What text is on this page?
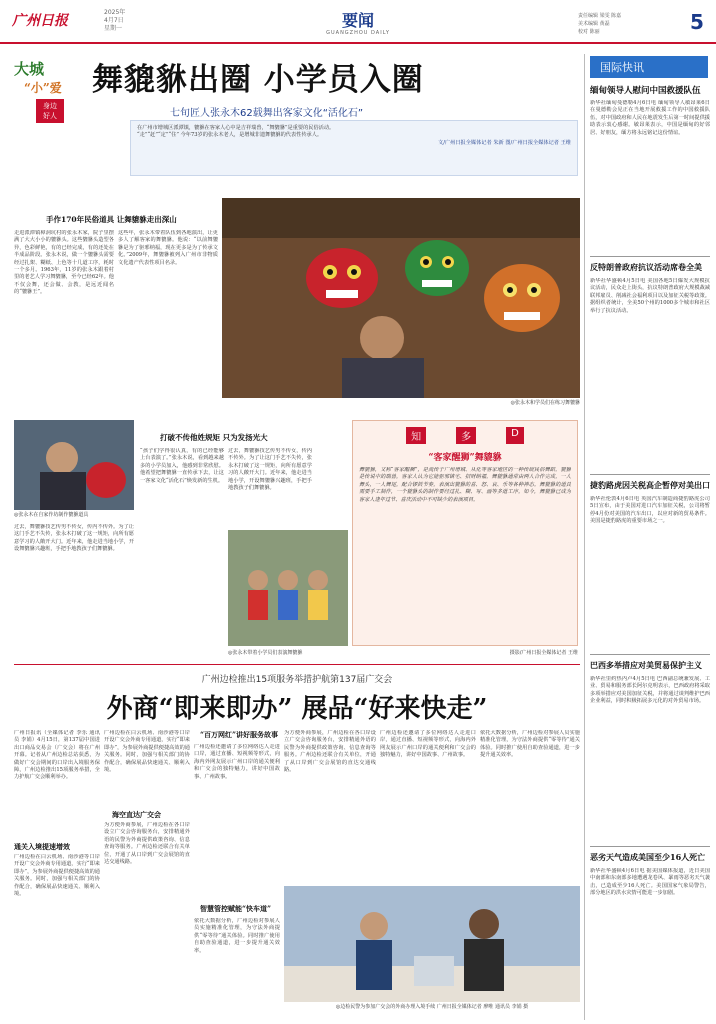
广州日报
2025年
4月7日
星期一	要闻
GUANGZHOU DAILY
责任编辑 梁雯 陈嘉
美术编辑 黄磊
校对 陈丽	5
大城
“小”爱
身边
好人
舞貔貅出圈 小学员入圈
七旬匠人张永木62载舞出客家文化“活化石”
在广州市增城区派潭镇，貔貅在客家人心中是吉祥瑞兽，“舞貔貅”是重要的民俗活动。
“走”“赶”“定”“住” 今年73岁的张永木老人，是增城非遗舞貔貅的代表性传承人。
文/广州日报全媒体记者 朱新 图/广州日报全媒体记者 王维
手作170年民俗道具 让舞貔貅走出深山
走进派潭镇樟洞坑村的张永木家，院子里摆满了大大小小的貔貅头。这些貔貅头造型各异，色彩鲜艳，有的已经完成，有的还处在半成品阶段。张永木说，做一个貔貅头需要经过扎架、糊纸、上色等十几道工序，耗时一个多月。1963年，11岁的张永木跟着村里的老艺人学习舞貔貅，至今已经62年。他不仅会舞，还会做、会教，是远近闻名的“貔貅王”。
这些年，张永木带着队伍到各地演出，让更多人了解客家的舞貔貅。他说：“以前舞貔貅是为了驱邪纳福，现在更多是为了传承文化。”2009年，舞貔貅被列入广州市非物质文化遗产代表性项目名录。
◎张永木和学员们在练习舞貔貅
◎张永木在自家作坊制作貔貅道具
打破不传他姓规矩 只为发扬光大
过去，舞貔貅技艺传男不传女，传内不传外。为了让这门手艺不失传，张永木打破了这一规矩，向所有愿意学习的人敞开大门。近年来，他走进当地小学，开设舞貔貅兴趣班，手把手地教孩子们舞貔貅。
“孩子们学得很认真，有的已经能够上台表演了。”张永木说，看到越来越多的小学员加入，他感到非常欣慰。他希望把舞貔貅一直传承下去，让这一客家文化“活化石”焕发新的生机。
过去，舞貔貅技艺传男不传女，传内不传外。为了让这门手艺不失传，张永木打破了这一规矩，向所有愿意学习的人敞开大门。近年来，他走进当地小学，开设舞貔貅兴趣班，手把手地教孩子们舞貔貅。
◎张永木带着小学员们表演舞貔貅
知	多	D
“客家醒狮”舞貔貅
舞貔貅，又称“客家醒狮”，是流传于广州增城、从化等客家地区的一种传统民俗舞蹈。貔貅是传说中的瑞兽，客家人认为它能驱邪镇宅、招财纳福。舞貔貅通常由两人合作完成，一人舞头，一人舞尾，配合锣鼓节奏，表演出貔貅的喜、怒、哀、乐等各种神态。舞貔貅的道具需要手工制作，一个貔貅头的制作要经过扎、糊、写、画等多道工序。如今，舞貔貅已成为客家人逢年过节、喜庆活动中不可缺少的表演项目。
摄影/广州日报全媒体记者 王维
广州边检推出15项服务举措护航第137届广交会
外商“即来即办” 展品“好来快走”
广州日报讯（全媒体记者 李乐 通讯员 李娟）4月15日，第137届中国进出口商品交易会（广交会）将在广州开幕。记者从广州边检总站获悉，为做好广交会期间的口岸出入境服务保障，广州边检推出15项服务举措，全力护航广交会顺利举办。
通关入境提速增效
广州边检在白云机场、南沙港等口岸开设广交会外商专用通道，实行“即来即办”，为参展外商提供便捷高效的通关服务。同时，加强与相关部门的协作配合，确保展品快速通关、顺利入境。
广州边检在白云机场、南沙港等口岸开设广交会外商专用通道，实行“即来即办”，为参展外商提供便捷高效的通关服务。同时，加强与相关部门的协作配合，确保展品快速通关、顺利入境。
海空直达广交会
为方便外商参展，广州边检在各口岸设立广交会咨询服务台，安排精通外语的民警为外商提供政策咨询、信息查询等服务。广州边检还联合有关单位，开通了从口岸到广交会展馆的直达交通线路。
“百万网红”讲好服务故事
广州边检还邀请了多位网络达人走进口岸，通过直播、短视频等形式，向海内外网友展示广州口岸的通关便利和广交会的独特魅力，讲好中国故事、广州故事。
智慧管控赋能“快车道”
依托大数据分析，广州边检对参展人员实施精准化管理，为守法外商提供“零等待”通关体验。同时推广使用自助查验通道，进一步提升通关效率。
为方便外商参展，广州边检在各口岸设立广交会咨询服务台，安排精通外语的民警为外商提供政策咨询、信息查询等服务。广州边检还联合有关单位，开通了从口岸到广交会展馆的直达交通线路。
广州边检还邀请了多位网络达人走进口岸，通过直播、短视频等形式，向海内外网友展示广州口岸的通关便利和广交会的独特魅力，讲好中国故事、广州故事。
依托大数据分析，广州边检对参展人员实施精准化管理，为守法外商提供“零等待”通关体验。同时推广使用自助查验通道，进一步提升通关效率。
◎边检民警为参加广交会的外商办理入境手续 广州日报全媒体记者 廖唯 通讯员 李娟 摄
国际快讯
缅甸领导人慰问中国救援队伍
新华社缅甸曼德勒4月6日电 缅甸领导人敏昂莱6日在曼德勒会见正在当地开展救援工作的中国救援队伍，对中国政府和人民在地震发生后第一时间提供援助表示衷心感谢。敏昂莱表示，中国是缅甸的好邻居、好朋友，缅方将永远铭记这份情谊。
反特朗普政府抗议活动席卷全美
新华社华盛顿4月5日电 美国各地5日爆发大规模抗议活动，民众走上街头，抗议特朗普政府大规模裁减联邦雇员、削减社会福利项目以及加征关税等政策。据组织者统计，全美50个州的1000多个城市和社区举行了抗议活动。
捷豹路虎因关税高企暂停对美出口
新华社伦敦4月6日电 英国汽车制造商捷豹路虎公司5日宣布，由于美国对进口汽车加征关税，公司将暂停4月份对美国的汽车出口，以应对新的贸易条件。美国是捷豹路虎的重要市场之一。
巴西多举措应对美贸易保护主义
新华社里约热内卢4月5日电 巴西副总统兼发展、工业、贸易和服务部长阿尔克明表示，巴西政府将采取多项举措应对美国加征关税，并将通过谈判维护巴西企业利益，同时积极拓展多元化的对外贸易市场。
恶劣天气造成美国至少16人死亡
新华社华盛顿4月6日电 据美国媒体报道，近日美国中南部和东南部多地遭遇龙卷风、暴雨等恶劣天气袭击，已造成至少16人死亡。美国国家气象局警告，部分地区的洪水灾情可能进一步加剧。
